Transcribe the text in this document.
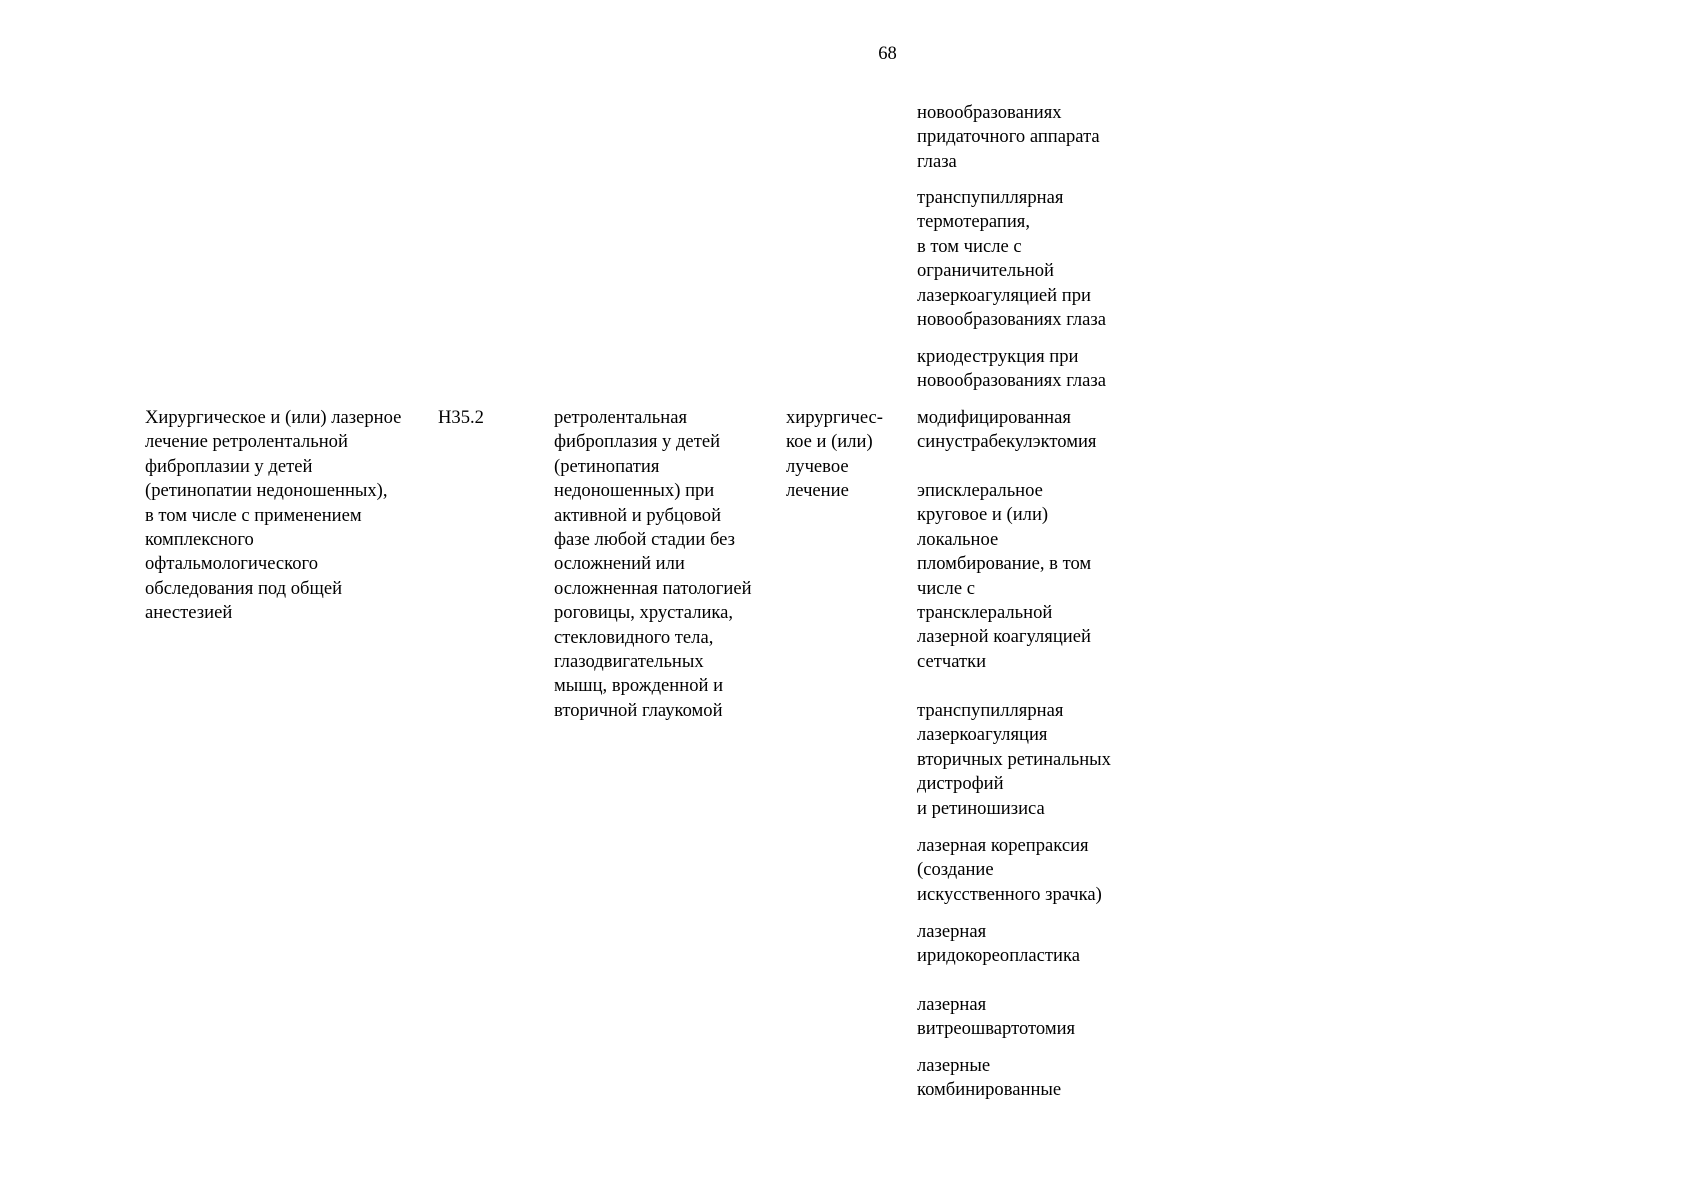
68
новообразованиях
придаточного аппарата
глаза
транспупиллярная
термотерапия,
в том числе с
ограничительной
лазеркоагуляцией при
новообразованиях глаза
криодеструкция при
новообразованиях глаза
Хирургическое и (или) лазерное
лечение ретролентальной
фиброплазии у детей
(ретинопатии недоношенных),
в том числе с применением
комплексного
офтальмологического
обследования под общей
анестезией
H35.2	ретролентальная
фиброплазия у детей
(ретинопатия
недоношенных) при
активной и рубцовой
фазе любой стадии без
осложнений или
осложненная патологией
роговицы, хрусталика,
стекловидного тела,
глазодвигательных
мышц, врожденной и
вторичной глаукомой
хирургичес-
кое и (или)
лучевое
лечение
модифицированная
синустрабекулэктомия
эписклеральное
круговое и (или)
локальное
пломбирование, в том
числе с
трансклеральной
лазерной коагуляцией
сетчатки
транспупиллярная
лазеркоагуляция
вторичных ретинальных
дистрофий
и ретиношизиса
лазерная корепраксия
(создание
искусственного зрачка)
лазерная
иридокореопластика
лазерная
витреошвартотомия
лазерные
комбинированные
